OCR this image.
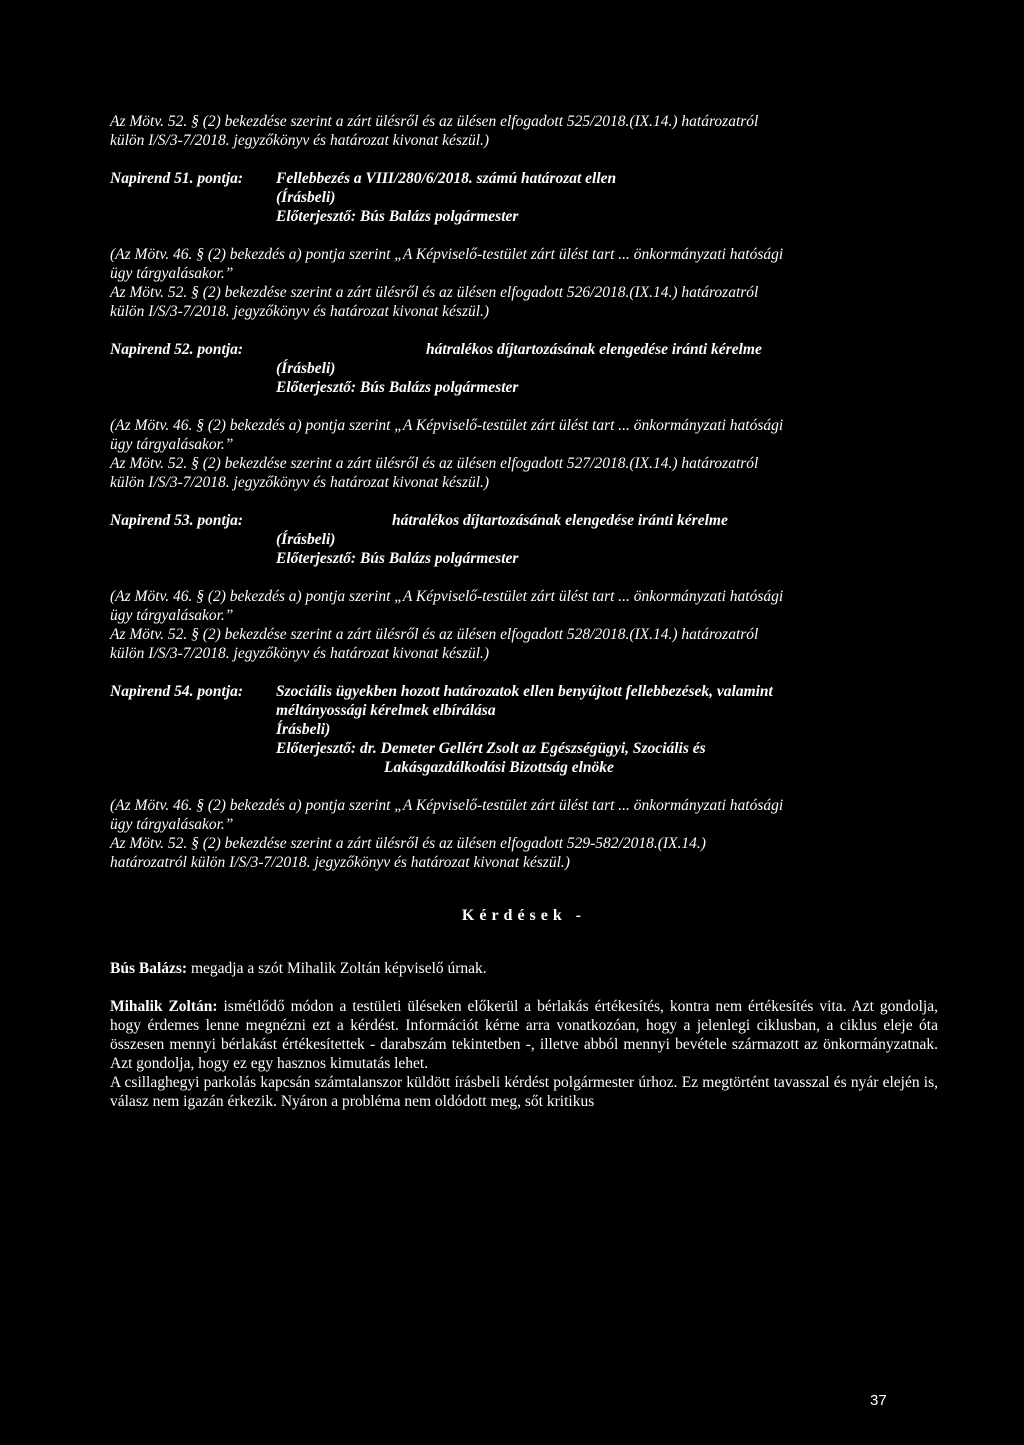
Az Mötv. 52. § (2) bekezdése szerint a zárt ülésről és az ülésen elfogadott 525/2018.(IX.14.) határozatról
külön I/S/3-7/2018. jegyzőkönyv és határozat kivonat készül.)
Napirend 51. pontja:	Fellebbezés a VIII/280/6/2018. számú határozat ellen
(Írásbeli)
Előterjesztő: Bús Balázs polgármester
(Az Mötv. 46. § (2) bekezdés a) pontja szerint „A Képviselő-testület zárt ülést tart ... önkormányzati hatósági
ügy tárgyalásakor.”
Az Mötv. 52. § (2) bekezdése szerint a zárt ülésről és az ülésen elfogadott 526/2018.(IX.14.) határozatról
külön I/S/3-7/2018. jegyzőkönyv és határozat kivonat készül.)
Napirend 52. pontja:	hátralékos díjtartozásának elengedése iránti kérelme
(Írásbeli)
Előterjesztő: Bús Balázs polgármester
(Az Mötv. 46. § (2) bekezdés a) pontja szerint „A Képviselő-testület zárt ülést tart ... önkormányzati hatósági
ügy tárgyalásakor.”
Az Mötv. 52. § (2) bekezdése szerint a zárt ülésről és az ülésen elfogadott 527/2018.(IX.14.) határozatról
külön I/S/3-7/2018. jegyzőkönyv és határozat kivonat készül.)
Napirend 53. pontja:	hátralékos díjtartozásának elengedése iránti kérelme
(Írásbeli)
Előterjesztő: Bús Balázs polgármester
(Az Mötv. 46. § (2) bekezdés a) pontja szerint „A Képviselő-testület zárt ülést tart ... önkormányzati hatósági
ügy tárgyalásakor.”
Az Mötv. 52. § (2) bekezdése szerint a zárt ülésről és az ülésen elfogadott 528/2018.(IX.14.) határozatról
külön I/S/3-7/2018. jegyzőkönyv és határozat kivonat készül.)
Napirend 54. pontja:	Szociális ügyekben hozott határozatok ellen benyújtott fellebbezések, valamint
méltányossági kérelmek elbírálása
Írásbeli)
Előterjesztő: dr. Demeter Gellért Zsolt az Egészségügyi, Szociális és
Lakásgazdálkodási Bizottság elnöke
(Az Mötv. 46. § (2) bekezdés a) pontja szerint „A Képviselő-testület zárt ülést tart ... önkormányzati hatósági
ügy tárgyalásakor.”
Az Mötv. 52. § (2) bekezdése szerint a zárt ülésről és az ülésen elfogadott 529-582/2018.(IX.14.)
határozatról külön I/S/3-7/2018. jegyzőkönyv és határozat kivonat készül.)
Kérdések -

Bús Balázs: megadja a szót Mihalik Zoltán képviselő úrnak.

Mihalik Zoltán: ismétlődő módon a testületi üléseken előkerül a bérlakás értékesítés, kontra nem értékesítés vita. Azt gondolja, hogy érdemes lenne megnézni ezt a kérdést. Információt kérne arra vonatkozóan, hogy a jelenlegi ciklusban, a ciklus eleje óta összesen mennyi bérlakást értékesítettek - darabszám tekintetben -, illetve abból mennyi bevétele származott az önkormányzatnak. Azt gondolja, hogy ez egy hasznos kimutatás lehet.

A csillaghegyi parkolás kapcsán számtalanszor küldött írásbeli kérdést polgármester úrhoz. Ez megtörtént tavasszal és nyár elején is, válasz nem igazán érkezik. Nyáron a probléma nem oldódott meg, sőt kritikus

37
